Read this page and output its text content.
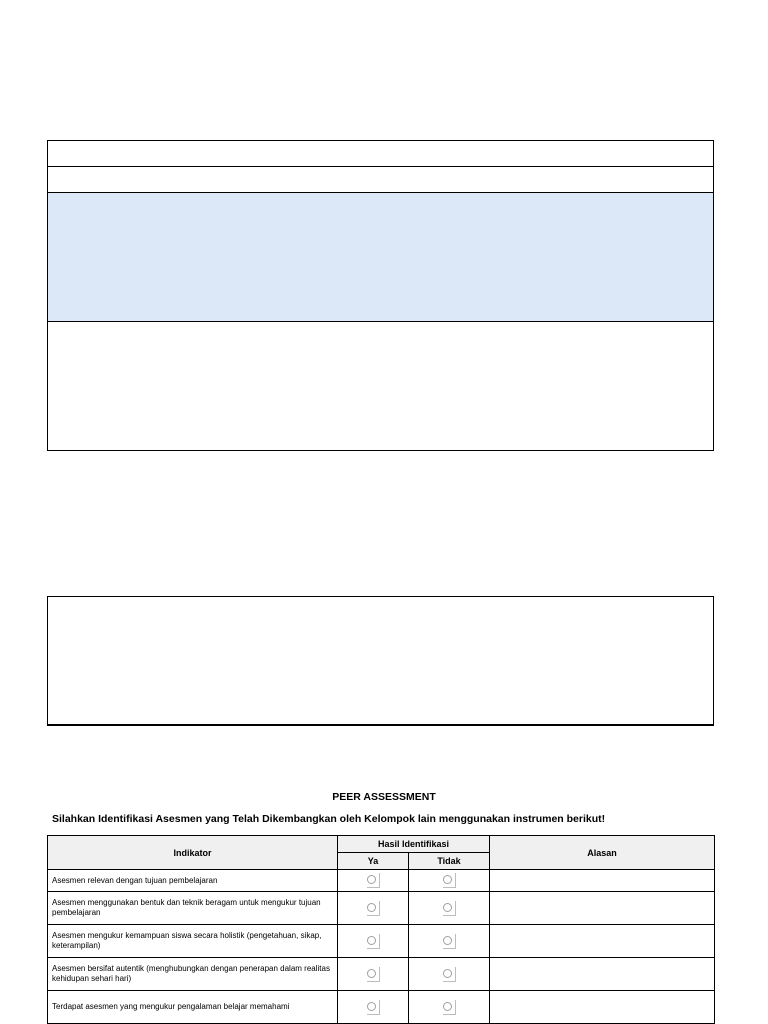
PEER ASSESSMENT
Silahkan Identifikasi Asesmen yang Telah Dikembangkan oleh Kelompok lain menggunakan instrumen berikut!
Indikator	Hasil Identifikasi		Alasan
	Ya	Tidak	
Asesmen relevan dengan tujuan pembelajaran			
Asesmen menggunakan bentuk dan teknik beragam untuk mengukur tujuan pembelajaran			
Asesmen mengukur kemampuan siswa secara holistik (pengetahuan, sikap, keterampilan)			
Asesmen bersifat autentik (menghubungkan dengan penerapan dalam realitas kehidupan sehari hari)			
Terdapat asesmen yang mengukur pengalaman belajar memahami			
